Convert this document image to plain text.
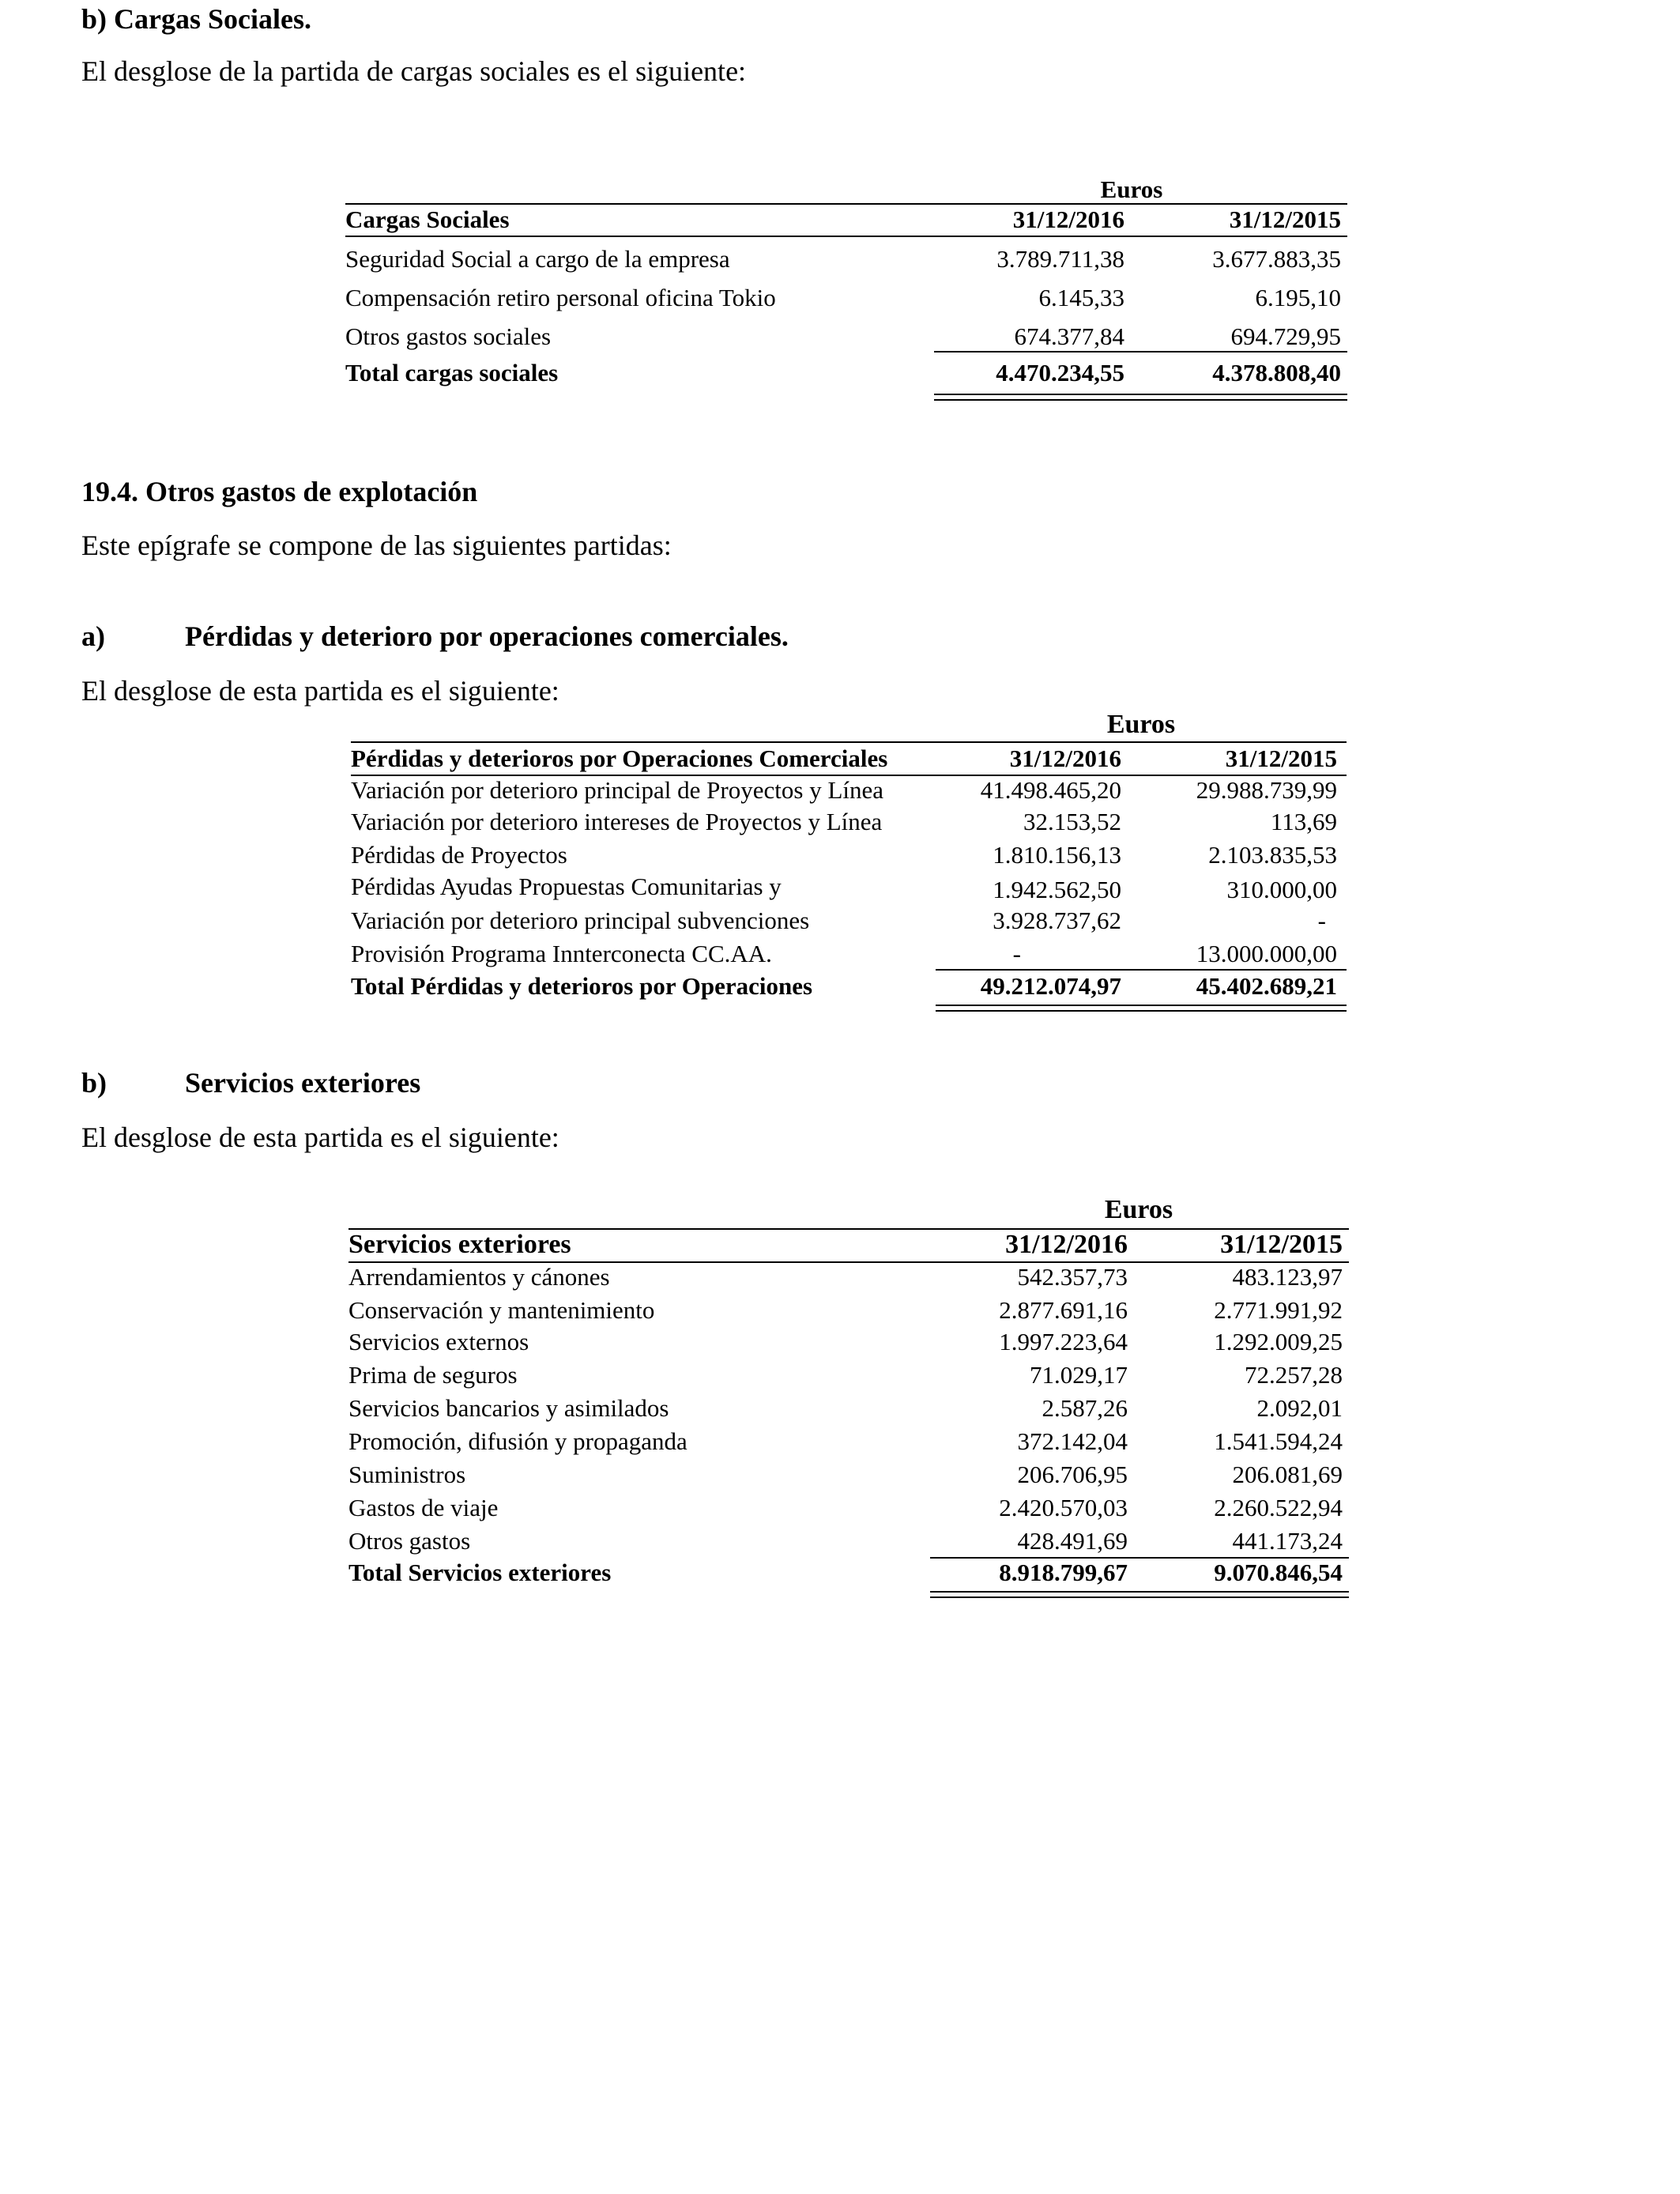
b) Cargas Sociales.
El desglose de la partida de cargas sociales es el siguiente:
Euros
Cargas Sociales	31/12/2016	31/12/2015
Seguridad Social a cargo de la empresa	3.789.711,38	3.677.883,35
Compensación retiro personal oficina Tokio	6.145,33	6.195,10
Otros gastos sociales	674.377,84	694.729,95
Total cargas sociales	4.470.234,55	4.378.808,40
19.4. Otros gastos de explotación
Este epígrafe se compone de las siguientes partidas:
a)	Pérdidas y deterioro por operaciones comerciales.
El desglose de esta partida es el siguiente:
Euros
Pérdidas y deterioros por Operaciones Comerciales	31/12/2016	31/12/2015
Variación por deterioro principal de Proyectos y Línea	41.498.465,20	29.988.739,99
Variación por deterioro intereses de Proyectos y Línea	32.153,52	113,69
Pérdidas de Proyectos	1.810.156,13	2.103.835,53
Pérdidas Ayudas Propuestas Comunitarias y	1.942.562,50	310.000,00
Variación por deterioro principal subvenciones	3.928.737,62	-
Provisión Programa Innterconecta CC.AA.	-	13.000.000,00
Total Pérdidas y deterioros por Operaciones	49.212.074,97	45.402.689,21
b)	Servicios exteriores
El desglose de esta partida es el siguiente:
Euros
Servicios exteriores	31/12/2016	31/12/2015
Arrendamientos y cánones	542.357,73	483.123,97
Conservación y mantenimiento	2.877.691,16	2.771.991,92
Servicios externos	1.997.223,64	1.292.009,25
Prima de seguros	71.029,17	72.257,28
Servicios bancarios y asimilados	2.587,26	2.092,01
Promoción, difusión y propaganda	372.142,04	1.541.594,24
Suministros	206.706,95	206.081,69
Gastos de viaje	2.420.570,03	2.260.522,94
Otros gastos	428.491,69	441.173,24
Total Servicios exteriores	8.918.799,67	9.070.846,54
